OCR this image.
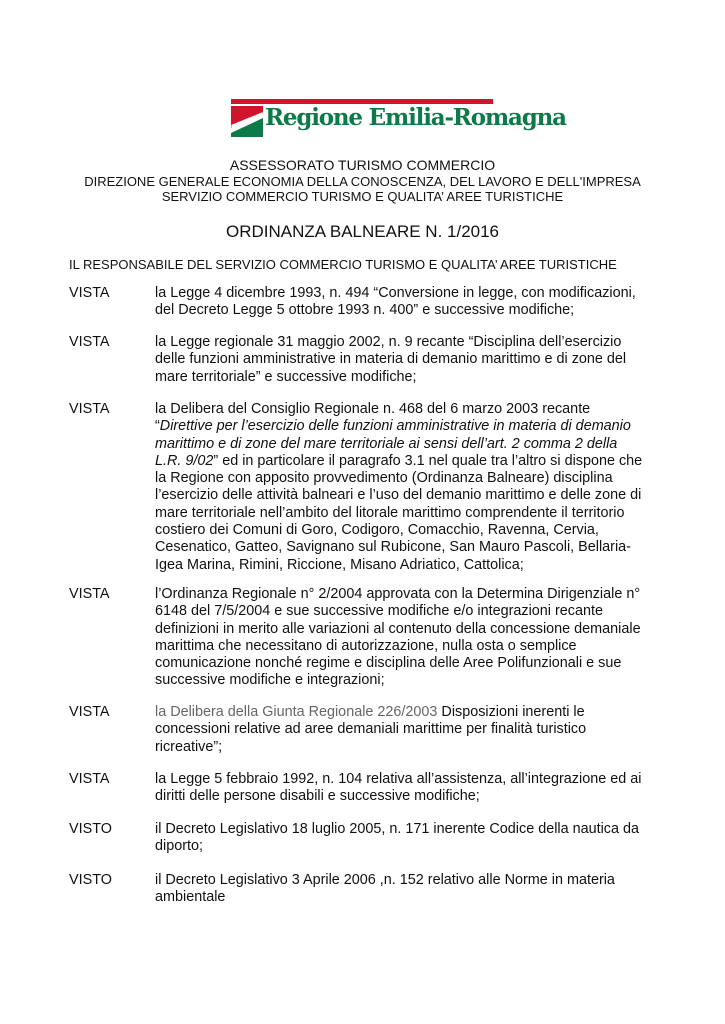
Regione Emilia-Romagna
ASSESSORATO TURISMO COMMERCIO
DIREZIONE GENERALE ECONOMIA DELLA CONOSCENZA, DEL LAVORO E DELL'IMPRESA
SERVIZIO COMMERCIO TURISMO E QUALITA’ AREE TURISTICHE
ORDINANZA BALNEARE N. 1/2016
IL RESPONSABILE DEL SERVIZIO COMMERCIO TURISMO E QUALITA’ AREE TURISTICHE
VISTA	la Legge 4 dicembre 1993, n. 494 “Conversione in legge, con modificazioni,
del Decreto Legge 5 ottobre 1993 n. 400” e successive modifiche;
VISTA	la Legge regionale 31 maggio 2002, n. 9 recante “Disciplina dell’esercizio
delle funzioni amministrative in materia di demanio marittimo e di zone del
mare territoriale” e successive modifiche;
VISTA	la Delibera del Consiglio Regionale n. 468 del 6 marzo 2003 recante
“Direttive per l’esercizio delle funzioni amministrative in materia di demanio
marittimo e di zone del mare territoriale ai sensi dell’art. 2 comma 2 della
L.R. 9/02” ed in particolare il paragrafo 3.1 nel quale tra l’altro si dispone che
la Regione con apposito provvedimento (Ordinanza Balneare) disciplina
l’esercizio delle attività balneari e l’uso del demanio marittimo e delle zone di
mare territoriale nell’ambito del litorale marittimo comprendente il territorio
costiero dei Comuni di Goro, Codigoro, Comacchio, Ravenna, Cervia,
Cesenatico, Gatteo, Savignano sul Rubicone, San Mauro Pascoli, Bellaria-
Igea Marina, Rimini, Riccione, Misano Adriatico, Cattolica;
VISTA	l’Ordinanza Regionale n° 2/2004 approvata con la Determina Dirigenziale n°
6148 del 7/5/2004 e sue successive modifiche e/o integrazioni recante
definizioni in merito alle variazioni al contenuto della concessione demaniale
marittima che necessitano di autorizzazione, nulla osta o semplice
comunicazione nonché regime e disciplina delle Aree Polifunzionali e sue
successive modifiche e integrazioni;
VISTA	la Delibera della Giunta Regionale 226/2003 Disposizioni inerenti le
concessioni relative ad aree demaniali marittime per finalità turistico
ricreative”;
VISTA	la Legge 5 febbraio 1992, n. 104 relativa all’assistenza, all’integrazione ed ai
diritti delle persone disabili e successive modifiche;
VISTO	il Decreto Legislativo 18 luglio 2005, n. 171 inerente Codice della nautica da
diporto;
VISTO	il Decreto Legislativo 3 Aprile 2006 ,n. 152 relativo alle Norme in materia
ambientale
